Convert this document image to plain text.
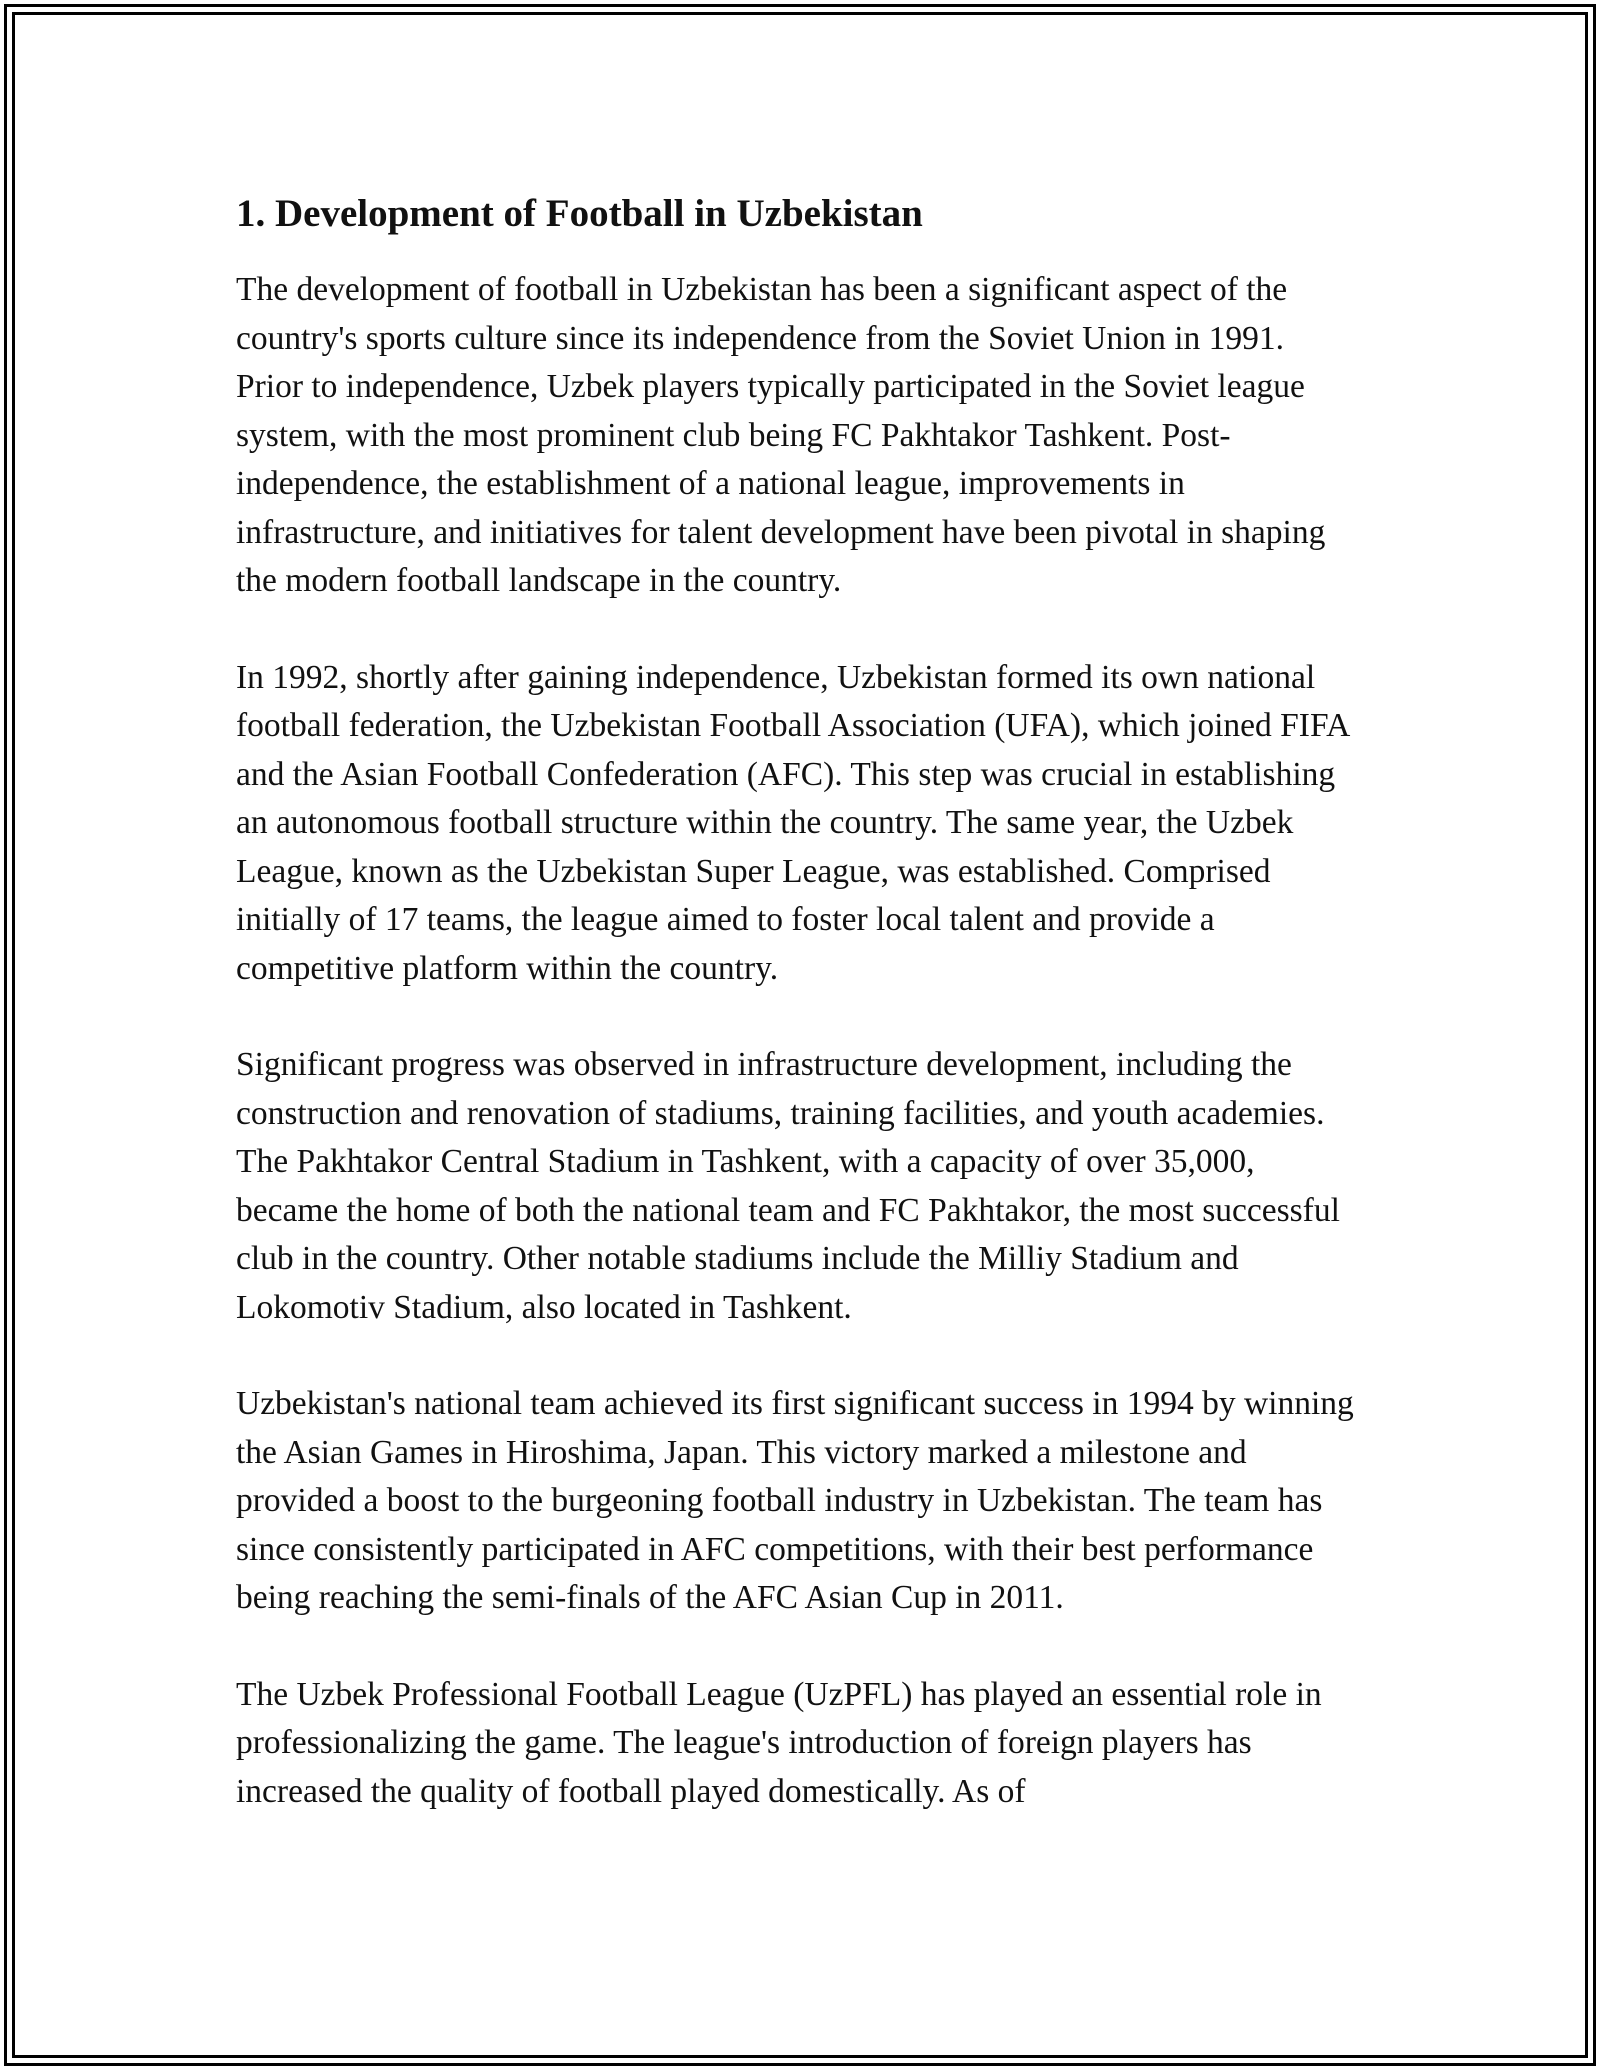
1. Development of Football in Uzbekistan

The development of football in Uzbekistan has been a significant aspect of the country's sports culture since its independence from the Soviet Union in 1991. Prior to independence, Uzbek players typically participated in the Soviet league system, with the most prominent club being FC Pakhtakor Tashkent. Post-independence, the establishment of a national league, improvements in infrastructure, and initiatives for talent development have been pivotal in shaping the modern football landscape in the country.

In 1992, shortly after gaining independence, Uzbekistan formed its own national football federation, the Uzbekistan Football Association (UFA), which joined FIFA and the Asian Football Confederation (AFC). This step was crucial in establishing an autonomous football structure within the country. The same year, the Uzbek League, known as the Uzbekistan Super League, was established. Comprised initially of 17 teams, the league aimed to foster local talent and provide a competitive platform within the country.

Significant progress was observed in infrastructure development, including the construction and renovation of stadiums, training facilities, and youth academies. The Pakhtakor Central Stadium in Tashkent, with a capacity of over 35,000, became the home of both the national team and FC Pakhtakor, the most successful club in the country. Other notable stadiums include the Milliy Stadium and Lokomotiv Stadium, also located in Tashkent.

Uzbekistan's national team achieved its first significant success in 1994 by winning the Asian Games in Hiroshima, Japan. This victory marked a milestone and provided a boost to the burgeoning football industry in Uzbekistan. The team has since consistently participated in AFC competitions, with their best performance being reaching the semi-finals of the AFC Asian Cup in 2011.

The Uzbek Professional Football League (UzPFL) has played an essential role in professionalizing the game. The league's introduction of foreign players has increased the quality of football played domestically. As of
